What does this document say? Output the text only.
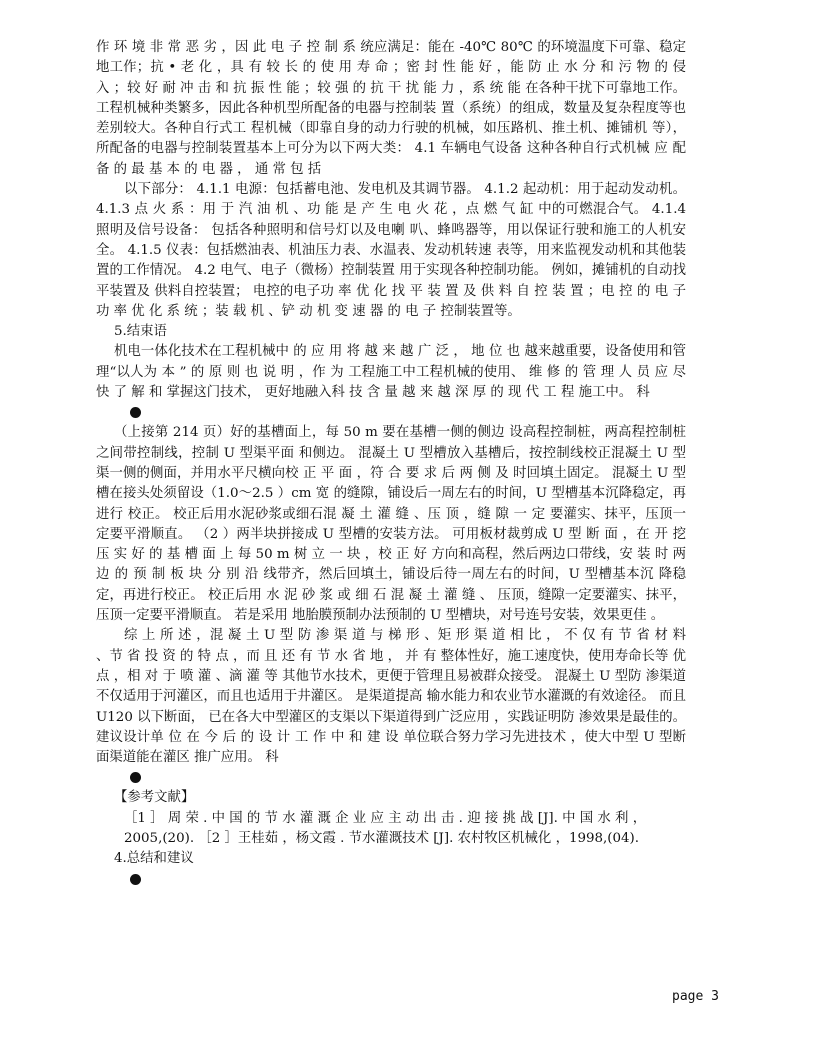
作 环 境 非 常 恶 劣 ，因 此 电 子 控 制 系 统应满足：能在 -40℃ 80℃ 的环境温度下可靠、稳定地工作；抗 • 老 化 ，具 有 较 长 的 使 用 寿 命 ；密 封 性 能 好 ，能 防 止 水 分 和 污 物 的 侵 入 ；较 好 耐 冲 击 和 抗 振 性 能 ；较 强 的 抗 干 扰 能 力 ，系 统 能 在各种干扰下可靠地工作。 工程机械种类繁多，因此各种机型所配备的电器与控制装 置（系统）的组成，数量及复杂程度等也差别较大。各种自行式工 程机械（即靠自身的动力行驶的机械，如压路机、推土机、摊铺机 等），所配备的电器与控制装置基本上可分为以下两大类： 4.1 车辆电气设备 这种各种自行式机械 应 配 备 的 最 基 本 的 电 器 ， 通 常 包 括

以下部分： 4.1.1 电源：包括蓄电池、发电机及其调节器。 4.1.2 起动机：用于起动发动机。 4.1.3 点 火 系 ：用 于 汽 油 机 、功 能 是 产 生 电 火 花 ，点 燃 气 缸 中的可燃混合气。 4.1.4 照明及信号设备： 包括各种照明和信号灯以及电喇 叭、蜂鸣器等，用以保证行驶和施工的人机安全。 4.1.5 仪表：包括燃油表、机油压力表、水温表、发动机转速 表等，用来监视发动机和其他装置的工作情况。 4.2 电气、电子（微杨）控制装置 用于实现各种控制功能。 例如，摊铺机的自动找平装置及 供料自控装置； 电控的电子功 率 优 化 找 平 装 置 及 供 料 自 控 装 置 ；电 控 的 电 子 功 率 优 化 系 统 ；装 载 机 、铲 动 机 变 速 器 的 电 子 控制装置等。

5.结束语

机电一体化技术在工程机械中 的 应 用 将 越 来 越 广 泛 ， 地 位 也 越来越重要，设备使用和管理“以人为 本 ” 的 原 则 也 说 明 ，作 为 工程施工中工程机械的使用、 维 修 的 管 理 人 员 应 尽 快 了 解 和 掌握这门技术， 更好地融入科 技 含 量 越 来 越 深 厚 的 现 代 工 程 施工中。 科

（上接第 214 页）好的基槽面上，每 50 m 要在基槽一侧的侧边 设高程控制桩，两高程控制桩之间带控制线，控制 U 型渠平面 和侧边。 混凝土 U 型槽放入基槽后，按控制线校正混凝土 U 型 渠一侧的侧面，并用水平尺横向校 正 平 面 ，符 合 要 求 后 两 侧 及 时回填土固定。 混凝土 U 型槽在接头处须留设（1.0～2.5 ）cm 宽 的缝隙，铺设后一周左右的时间，U 型槽基本沉降稳定，再进行 校正。 校正后用水泥砂浆或细石混 凝 土 灌 缝 、压 顶 ，缝 隙 一 定 要灌实、抹平，压顶一定要平滑顺直。 （2 ）两半块拼接成 U 型槽的安装方法。 可用板材裁剪成 U 型 断 面 ，在 开 挖 压 实 好 的 基 槽 面 上 每 50 m 树 立 一 块 ，校 正 好 方向和高程，然后两边口带线，安 装 时 两 边 的 预 制 板 块 分 别 沿 线带齐，然后回填土，铺设后待一周左右的时间，U 型槽基本沉 降稳定，再进行校正。 校正后用 水 泥 砂 浆 或 细 石 混 凝 土 灌 缝 、 压顶，缝隙一定要灌实、抹平，压顶一定要平滑顺直。 若是采用 地胎膜预制办法预制的 U 型槽块，对号连号安装，效果更佳 。

综 上 所 述 ，混 凝 土 U 型 防 渗 渠 道 与 梯 形 、矩 形 渠 道 相 比 ， 不 仅 有 节 省 材 料 、节 省 投 资 的 特 点 ，而 且 还 有 节 水 省 地 ， 并 有 整体性好，施工速度快，使用寿命长等 优 点 ，相 对 于 喷 灌 、滴 灌 等 其他节水技术，更便于管理且易被群众接受。 混凝土 U 型防 渗渠道不仅适用于河灌区，而且也适用于井灌区。 是渠道提高 输水能力和农业节水灌溉的有效途径。 而且 U120 以下断面， 已在各大中型灌区的支渠以下渠道得到广泛应用 ，实践证明防 渗效果是最佳的。 建议设计单 位 在 今 后 的 设 计 工 作 中 和 建 设 单位联合努力学习先进技术 ，使大中型 U 型断面渠道能在灌区 推广应用。 科

【参考文献】

［1 ］ 周 荣 . 中 国 的 节 水 灌 溉 企 业 应 主 动 出 击 . 迎 接 挑 战 [J]. 中 国 水 利 ，

2005,(20). ［2 ］王桂茹 ，杨文霞 . 节水灌溉技术 [J]. 农村牧区机械化 ，1998,(04).

4.总结和建议

page 3
